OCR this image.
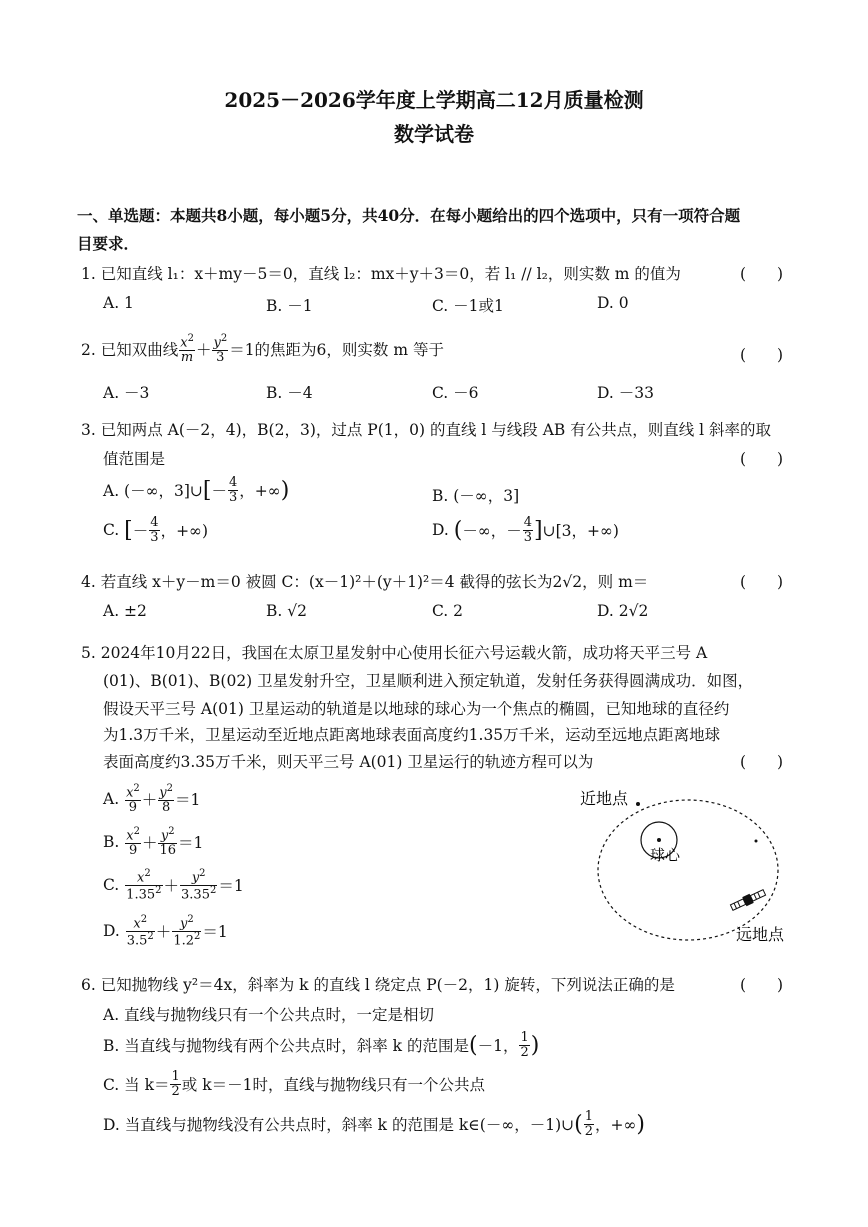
2025－2026学年度上学期高二12月质量检测
数学试卷
一、单选题：本题共8小题，每小题5分，共40分．在每小题给出的四个选项中，只有一项符合题
目要求．
1. 已知直线 l₁：x＋my－5＝0，直线 l₂：mx＋y＋3＝0，若 l₁ // l₂，则实数 m 的值为	(　　)
A. 1	B. －1	C. －1或1	D. 0
2. 已知双曲线 $\frac{x^2}{m} + \frac{y^2}{3} =1$的焦距为6，则实数 m 等于	(　　)
A. －3	B. －4	C. －6	D. －33
3. 已知两点 A(－2，4)，B(2，3)，过点 P(1，0) 的直线 l 与线段 AB 有公共点，则直线 l 斜率的取
值范围是	(　　)
A. (－∞，3]∪ [ － $\frac{4}{3}$ ，+∞ )	B. (－∞，3]
C. [ － $\frac{4}{3}$ ，+∞)	D. ( －∞，－ $\frac{4}{3}$ ] ∪[3，+∞)
4. 若直线 x＋y－m＝0 被圆 C：(x－1)²＋(y＋1)²＝4 截得的弦长为2√2，则 m＝	(　　)
A. ±2	B. √2	C. 2	D. 2√2
5. 2024年10月22日，我国在太原卫星发射中心使用长征六号运载火箭，成功将天平三号 A
(01)、B(01)、B(02) 卫星发射升空，卫星顺利进入预定轨道，发射任务获得圆满成功．如图，
假设天平三号 A(01) 卫星运动的轨道是以地球的球心为一个焦点的椭圆，已知地球的直径约
为1.3万千米，卫星运动至近地点距离地球表面高度约1.35万千米，运动至远地点距离地球
表面高度约3.35万千米，则天平三号 A(01) 卫星运行的轨迹方程可以为	(　　)
A. $\frac{x^2}{9} + \frac{y^2}{8} =1$
B. $\frac{x^2}{9} + \frac{y^2}{16} =1$
C. $\frac{x^2}{1.35^2} + \frac{y^2}{3.35^2} =1$
D. $\frac{x^2}{3.5^2} + \frac{y^2}{1.2^2} =1$
近地点
球心
远地点
6. 已知抛物线 y²＝4x，斜率为 k 的直线 l 绕定点 P(－2，1) 旋转，下列说法正确的是	(　　)
A. 直线与抛物线只有一个公共点时，一定是相切
B. 当直线与抛物线有两个公共点时，斜率 k 的范围是 ( －1， $\frac{1}{2}$ )
C. 当 $k= \frac{1}{2}$ 或 k＝－1时，直线与抛物线只有一个公共点
D. 当直线与抛物线没有公共点时，斜率 k 的范围是 k∈(－∞，－1)∪ ( $\frac{1}{2}$ ，+∞ )
